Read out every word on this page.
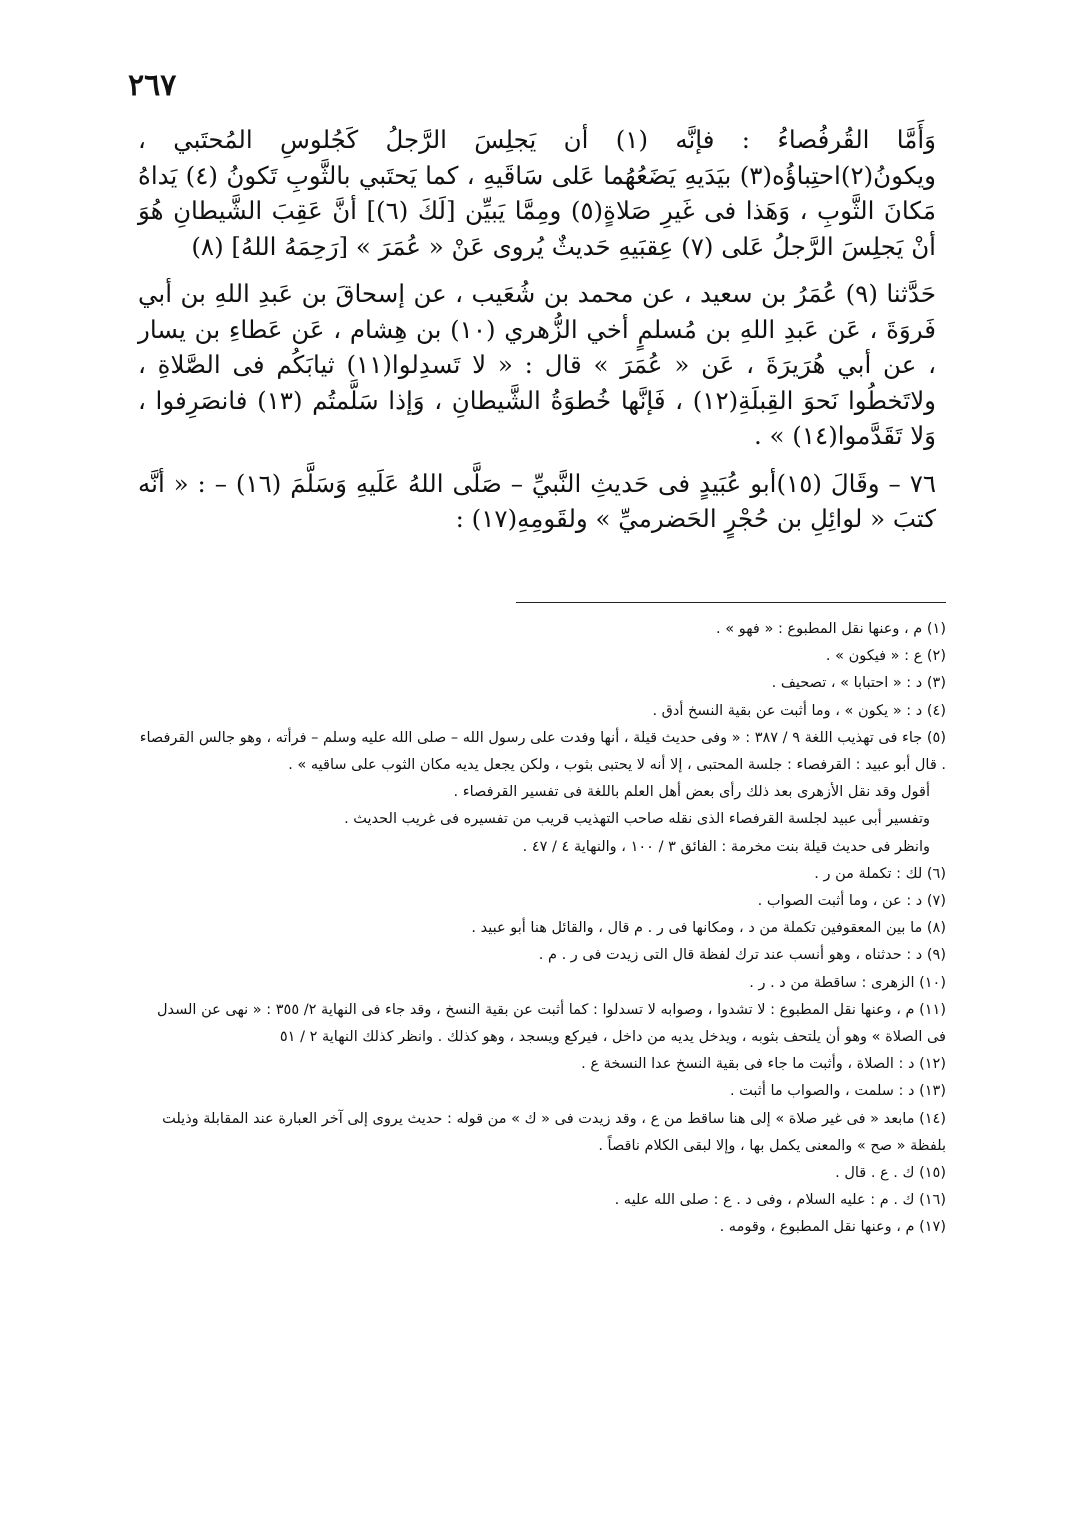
٢٦٧

وَأَمَّا القُرفُصاءُ : فإنَّه (١) أن يَجلِسَ الرَّجلُ كَجُلوسِ المُحتَبي ، ويكونُ(٢)احتِباؤُه(٣) بيَدَيهِ يَضَعُهُما عَلى سَاقَيهِ ، كما يَحتَبي بالثَّوبِ تَكونُ (٤) يَداهُ مَكانَ الثَّوبِ ، وَهَذا فى غَيرِ صَلاةٍ(٥) ومِمَّا يَبيِّن [لَكَ (٦)] أنَّ عَقِبَ الشَّيطانِ هُوَ أنْ يَجلِسَ الرَّجلُ عَلى (٧) عِقبَيهِ حَديثٌ يُروى عَنْ « عُمَرَ » [رَحِمَهُ اللهُ] (٨)

حَدَّثنا (٩) عُمَرُ بن سعيد ، عن محمد بن شُعَيب ، عن إسحاقَ بن عَبدِ اللهِ بن أبي فَروَةَ ، عَن عَبدِ اللهِ بن مُسلمٍ أخي الزُّهري (١٠) بن هِشام ، عَن عَطاءِ بن يسار ، عن أبي هُرَيرَةَ ، عَن « عُمَرَ » قال : « لا تَسدِلوا(١١) ثيابَكُم فى الصَّلاةِ ، ولاتَخطُوا نَحوَ القِبلَةِ(١٢) ، فَإنَّها خُطوَةُ الشَّيطانِ ، وَإذا سَلَّمتُم (١٣) فانصَرِفوا ، وَلا تَقَدَّموا(١٤) » .

٧٦ – وقَالَ (١٥)أبو عُبَيدٍ فى حَديثِ النَّبيِّ – صَلَّى اللهُ عَلَيهِ وَسَلَّمَ (١٦) – : « أنَّه كتبَ « لوائِلِ بن حُجْرٍ الحَضرميِّ » ولقَومِهِ(١٧) :

(١) م ، وعنها نقل المطبوع : « فهو » .

(٢) ع : « فيكون » .

(٣) د : « احتبابا » ، تصحيف .

(٤) د : « يكون » ، وما أثبت عن بقية النسخ أدق .

(٥) جاء فى تهذيب اللغة ٩ / ٣٨٧ : « وفى حديث قيلة ، أنها وفدت على رسول الله – صلى الله عليه وسلم – فرأته ، وهو جالس القرفصاء . قال أبو عبيد : القرفصاء : جلسة المحتبى ، إلا أنه لا يحتبى بثوب ، ولكن يجعل يديه مكان الثوب على ساقيه » .

أقول وقد نقل الأزهرى بعد ذلك رأى بعض أهل العلم باللغة فى تفسير القرفصاء .

وتفسير أبى عبيد لجلسة القرفصاء الذى نقله صاحب التهذيب قريب من تفسيره فى غريب الحديث .

وانظر فى حديث قيلة بنت مخرمة : الفائق ٣ / ١٠٠ ، والنهاية ٤ / ٤٧ .

(٦) لك : تكملة من ر .

(٧) د : عن ، وما أثبت الصواب .

(٨) ما بين المعقوفين تكملة من د ، ومكانها فى ر . م قال ، والقائل هنا أبو عبيد .

(٩) د : حدثناه ، وهو أنسب عند ترك لفظة قال التى زيدت فى ر . م .

(١٠) الزهرى : ساقطة من د . ر .

(١١) م ، وعنها نقل المطبوع : لا تشدوا ، وصوابه لا تسدلوا : كما أثبت عن بقية النسخ ، وقد جاء فى النهاية ٢/ ٣٥٥ : « نهى عن السدل فى الصلاة » وهو أن يلتحف بثوبه ، ويدخل يديه من داخل ، فيركع ويسجد ، وهو كذلك . وانظر كذلك النهاية ٢ / ٥١

(١٢) د : الصلاة ، وأثبت ما جاء فى بقية النسخ عدا النسخة ع .

(١٣) د : سلمت ، والصواب ما أثبت .

(١٤) مابعد « فى غير صلاة » إلى هنا ساقط من ع ، وقد زيدت فى « ك » من قوله : حديث يروى إلى آخر العبارة عند المقابلة وذيلت بلفظة « صح » والمعنى يكمل بها ، وإلا لبقى الكلام ناقصاً .

(١٥) ك . ع . قال .

(١٦) ك . م : عليه السلام ، وفى د . ع : صلى الله عليه .

(١٧) م ، وعنها نقل المطبوع ، وقومه .
